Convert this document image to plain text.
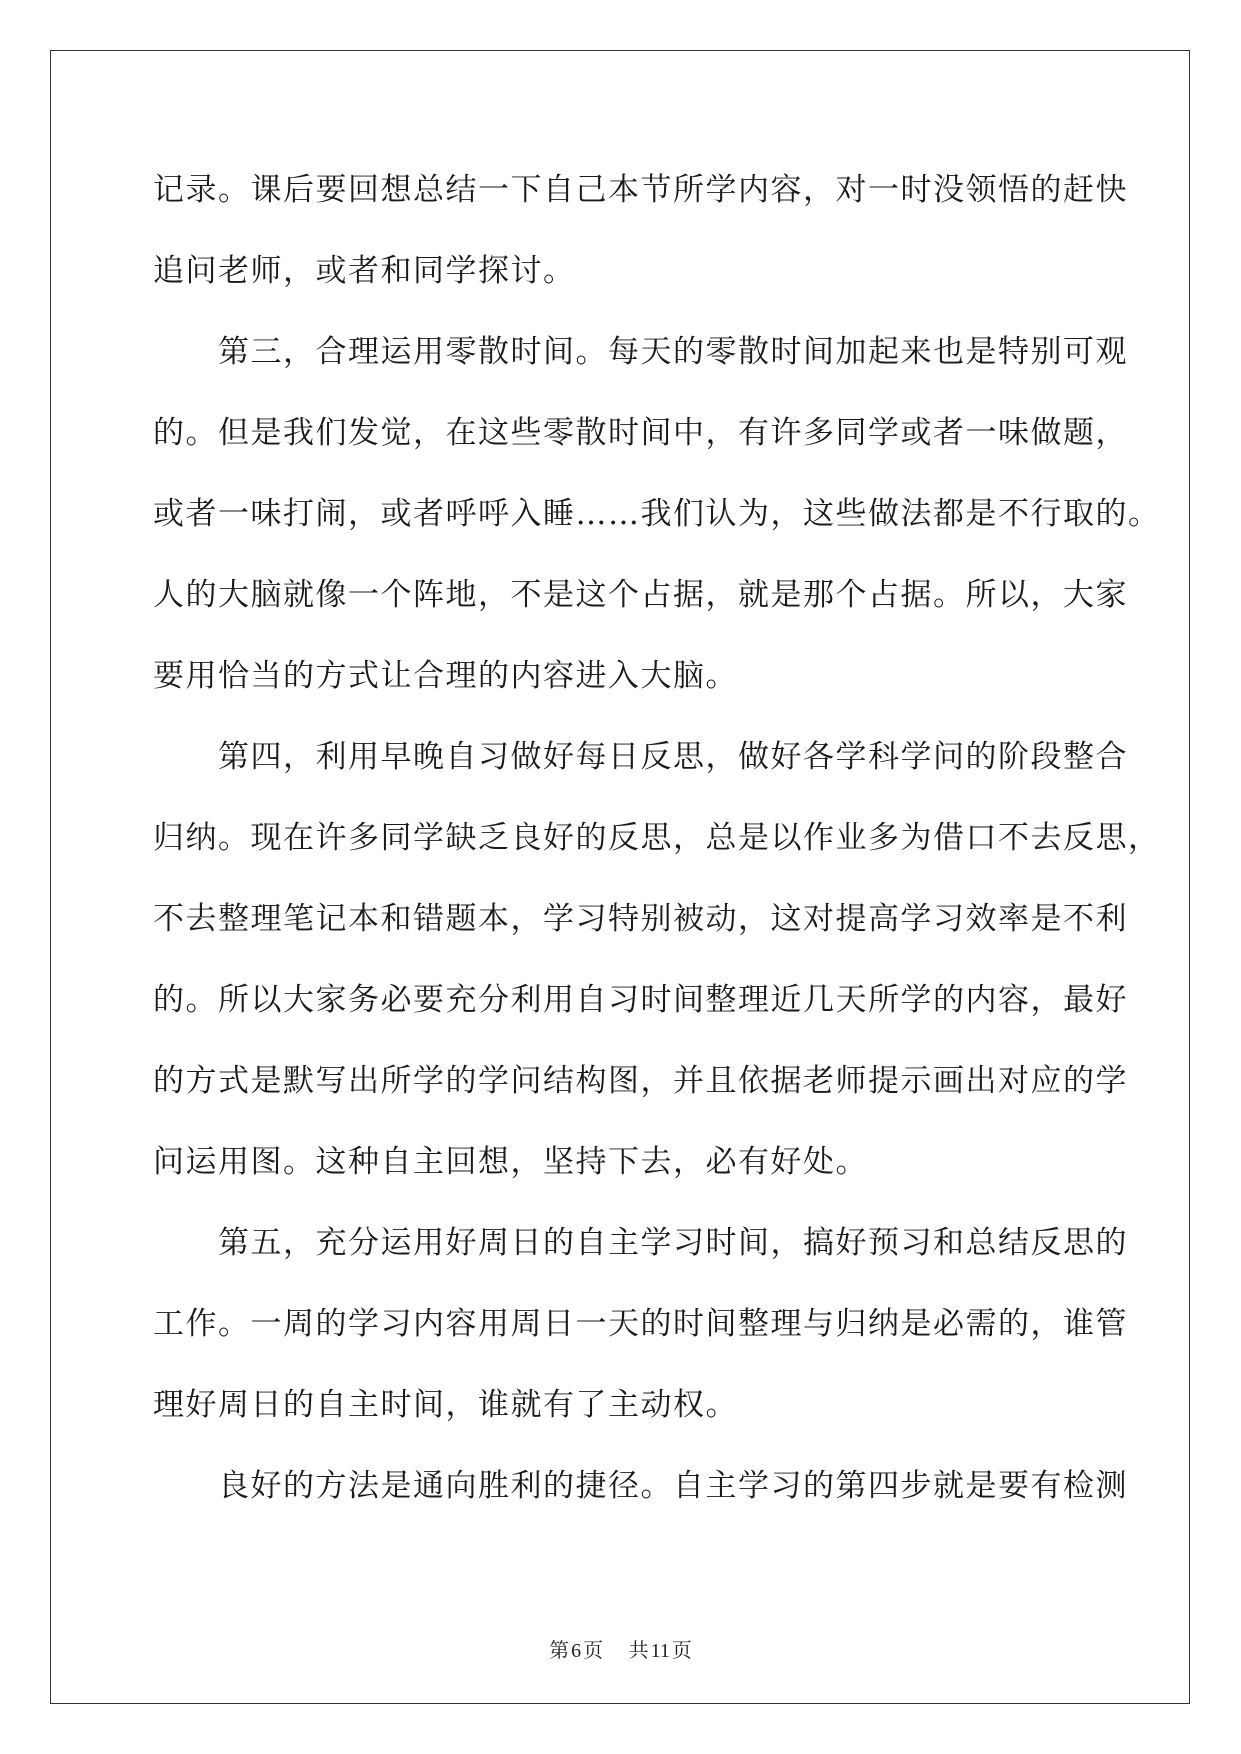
记录。课后要回想总结一下自己本节所学内容，对一时没领悟的赶快
追问老师，或者和同学探讨。
　　第三，合理运用零散时间。每天的零散时间加起来也是特别可观
的。但是我们发觉，在这些零散时间中，有许多同学或者一味做题，
或者一味打闹，或者呼呼入睡……我们认为，这些做法都是不行取的。
人的大脑就像一个阵地，不是这个占据，就是那个占据。所以，大家
要用恰当的方式让合理的内容进入大脑。
　　第四，利用早晚自习做好每日反思，做好各学科学问的阶段整合
归纳。现在许多同学缺乏良好的反思，总是以作业多为借口不去反思，
不去整理笔记本和错题本，学习特别被动，这对提高学习效率是不利
的。所以大家务必要充分利用自习时间整理近几天所学的内容，最好
的方式是默写出所学的学问结构图，并且依据老师提示画出对应的学
问运用图。这种自主回想，坚持下去，必有好处。
　　第五，充分运用好周日的自主学习时间，搞好预习和总结反思的
工作。一周的学习内容用周日一天的时间整理与归纳是必需的，谁管
理好周日的自主时间，谁就有了主动权。
　　良好的方法是通向胜利的捷径。自主学习的第四步就是要有检测
第 6 页 共 11 页
